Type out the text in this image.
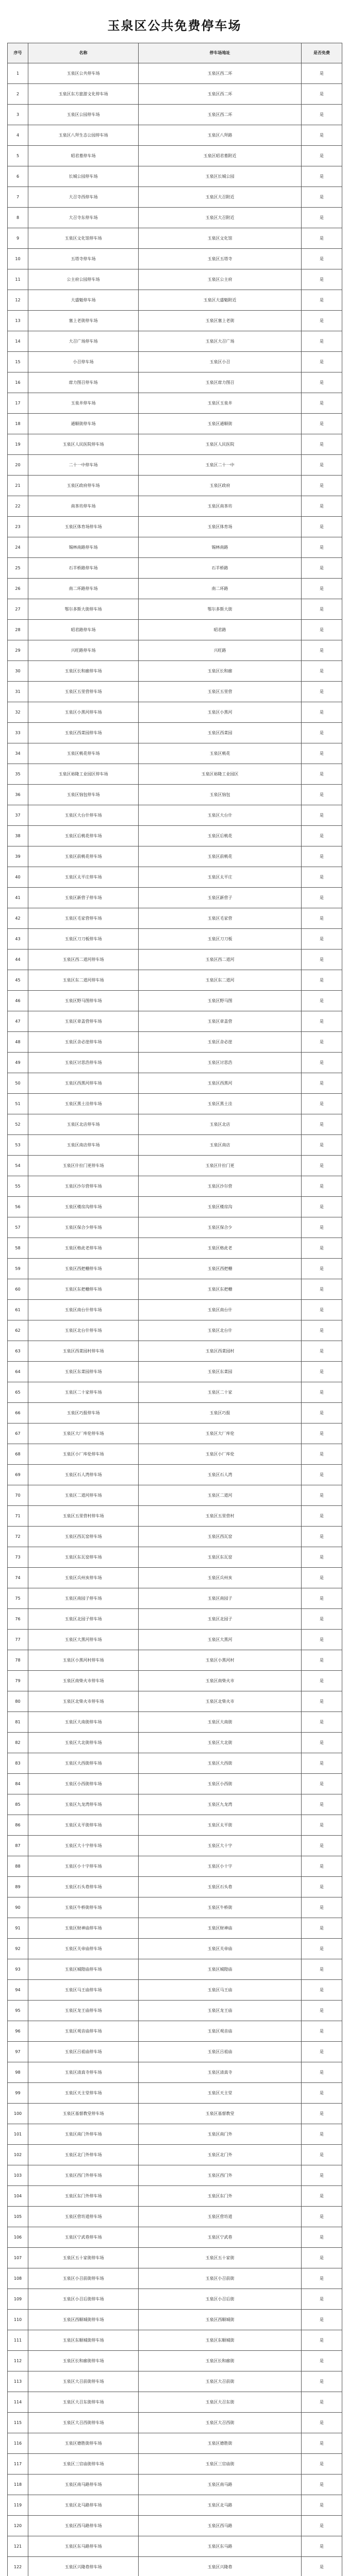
玉泉区公共免费停车场
序号	名称	停车场地址	是否免费
1	玉泉区公共停车场	玉泉区西二环	是
2	玉泉区东方旅游文化停车场	玉泉区西二环	是
3	玉泉区公园停车场	玉泉区西二环	是
4	玉泉区八拜生态公园停车场	玉泉区八拜路	是
5	昭君墓停车场	玉泉区昭君墓附近	是
6	长城公园停车场	玉泉区长城公园	是
7	大召寺西停车场	玉泉区大召附近	是
8	大召寺东停车场	玉泉区大召附近	是
9	玉泉区文化馆停车场	玉泉区文化馆	是
10	五塔寺停车场	玉泉区五塔寺	是
11	公主府公园停车场	玉泉区公主府	是
12	大盛魁停车场	玉泉区大盛魁附近	是
13	塞上老街停车场	玉泉区塞上老街	是
14	大召广场停车场	玉泉区大召广场	是
15	小召停车场	玉泉区小召	是
16	席力图召停车场	玉泉区席力图召	是
17	玉泉井停车场	玉泉区玉泉井	是
18	通顺街停车场	玉泉区通顺街	是
19	玉泉区人民医院停车场	玉泉区人民医院	是
20	二十一中停车场	玉泉区二十一中	是
21	玉泉区政府停车场	玉泉区政府	是
22	南茶坊停车场	玉泉区南茶坊	是
23	玉泉区体育场停车场	玉泉区体育场	是
24	锡林南路停车场	锡林南路	是
25	石羊桥路停车场	石羊桥路	是
26	南二环路停车场	南二环路	是
27	鄂尔多斯大街停车场	鄂尔多斯大街	是
28	昭君路停车场	昭君路	是
29	兴旺路停车场	兴旺路	是
30	玉泉区长和廊停车场	玉泉区长和廊	是
31	玉泉区五里营停车场	玉泉区五里营	是
32	玉泉区小黑河停车场	玉泉区小黑河	是
33	玉泉区西菜园停车场	玉泉区西菜园	是
34	玉泉区桃花停车场	玉泉区桃花	是
35	玉泉区裕隆工业园区停车场	玉泉区裕隆工业园区	是
36	玉泉区恼包停车场	玉泉区恼包	是
37	玉泉区大台什停车场	玉泉区大台什	是
38	玉泉区后桃花停车场	玉泉区后桃花	是
39	玉泉区前桃花停车场	玉泉区前桃花	是
40	玉泉区太平庄停车场	玉泉区太平庄	是
41	玉泉区新营子停车场	玉泉区新营子	是
42	玉泉区毛家营停车场	玉泉区毛家营	是
43	玉泉区刀刀板停车场	玉泉区刀刀板	是
44	玉泉区西二道河停车场	玉泉区西二道河	是
45	玉泉区东二道河停车场	玉泉区东二道河	是
46	玉泉区野马图停车场	玉泉区野马图	是
47	玉泉区章盖营停车场	玉泉区章盖营	是
48	玉泉区舍必崖停车场	玉泉区舍必崖	是
49	玉泉区讨思浩停车场	玉泉区讨思浩	是
50	玉泉区西黑河停车场	玉泉区西黑河	是
51	玉泉区黑土洼停车场	玉泉区黑土洼	是
52	玉泉区北店停车场	玉泉区北店	是
53	玉泉区南店停车场	玉泉区南店	是
54	玉泉区什拉门更停车场	玉泉区什拉门更	是
55	玉泉区沙尔营停车场	玉泉区沙尔营	是
56	玉泉区楼房沟停车场	玉泉区楼房沟	是
57	玉泉区保合少停车场	玉泉区保合少	是
58	玉泉区格此老停车场	玉泉区格此老	是
59	玉泉区西把栅停车场	玉泉区西把栅	是
60	玉泉区东把栅停车场	玉泉区东把栅	是
61	玉泉区南台什停车场	玉泉区南台什	是
62	玉泉区北台什停车场	玉泉区北台什	是
63	玉泉区西菜园村停车场	玉泉区西菜园村	是
64	玉泉区东菜园停车场	玉泉区东菜园	是
65	玉泉区二十家停车场	玉泉区二十家	是
66	玉泉区巧报停车场	玉泉区巧报	是
67	玉泉区大厂库伦停车场	玉泉区大厂库伦	是
68	玉泉区小厂库伦停车场	玉泉区小厂库伦	是
69	玉泉区石人湾停车场	玉泉区石人湾	是
70	玉泉区二道河停车场	玉泉区二道河	是
71	玉泉区五里营村停车场	玉泉区五里营村	是
72	玉泉区西瓦窑停车场	玉泉区西瓦窑	是
73	玉泉区东瓦窑停车场	玉泉区东瓦窑	是
74	玉泉区兵州亥停车场	玉泉区兵州亥	是
75	玉泉区南园子停车场	玉泉区南园子	是
76	玉泉区北园子停车场	玉泉区北园子	是
77	玉泉区大黑河停车场	玉泉区大黑河	是
78	玉泉区小黑河村停车场	玉泉区小黑河村	是
79	玉泉区南柴火市停车场	玉泉区南柴火市	是
80	玉泉区北柴火市停车场	玉泉区北柴火市	是
81	玉泉区大南街停车场	玉泉区大南街	是
82	玉泉区大北街停车场	玉泉区大北街	是
83	玉泉区大西街停车场	玉泉区大西街	是
84	玉泉区小西街停车场	玉泉区小西街	是
85	玉泉区九龙湾停车场	玉泉区九龙湾	是
86	玉泉区太平街停车场	玉泉区太平街	是
87	玉泉区大十字停车场	玉泉区大十字	是
88	玉泉区小十字停车场	玉泉区小十字	是
89	玉泉区石头巷停车场	玉泉区石头巷	是
90	玉泉区牛桥街停车场	玉泉区牛桥街	是
91	玉泉区财神庙停车场	玉泉区财神庙	是
92	玉泉区关帝庙停车场	玉泉区关帝庙	是
93	玉泉区城隍庙停车场	玉泉区城隍庙	是
94	玉泉区马王庙停车场	玉泉区马王庙	是
95	玉泉区龙王庙停车场	玉泉区龙王庙	是
96	玉泉区观音庙停车场	玉泉区观音庙	是
97	玉泉区吕祖庙停车场	玉泉区吕祖庙	是
98	玉泉区清真寺停车场	玉泉区清真寺	是
99	玉泉区天主堂停车场	玉泉区天主堂	是
100	玉泉区基督教堂停车场	玉泉区基督教堂	是
101	玉泉区南门外停车场	玉泉区南门外	是
102	玉泉区北门外停车场	玉泉区北门外	是
103	玉泉区西门外停车场	玉泉区西门外	是
104	玉泉区东门外停车场	玉泉区东门外	是
105	玉泉区营坊道停车场	玉泉区营坊道	是
106	玉泉区宁武巷停车场	玉泉区宁武巷	是
107	玉泉区五十家街停车场	玉泉区五十家街	是
108	玉泉区小召前街停车场	玉泉区小召前街	是
109	玉泉区小召后街停车场	玉泉区小召后街	是
110	玉泉区西顺城街停车场	玉泉区西顺城街	是
111	玉泉区东顺城街停车场	玉泉区东顺城街	是
112	玉泉区长和廊街停车场	玉泉区长和廊街	是
113	玉泉区大召前街停车场	玉泉区大召前街	是
114	玉泉区大召东街停车场	玉泉区大召东街	是
115	玉泉区大召西街停车场	玉泉区大召西街	是
116	玉泉区德胜街停车场	玉泉区德胜街	是
117	玉泉区三官庙街停车场	玉泉区三官庙街	是
118	玉泉区南马路停车场	玉泉区南马路	是
119	玉泉区北马路停车场	玉泉区北马路	是
120	玉泉区西马路停车场	玉泉区西马路	是
121	玉泉区东马路停车场	玉泉区东马路	是
122	玉泉区兴隆巷停车场	玉泉区兴隆巷	是
